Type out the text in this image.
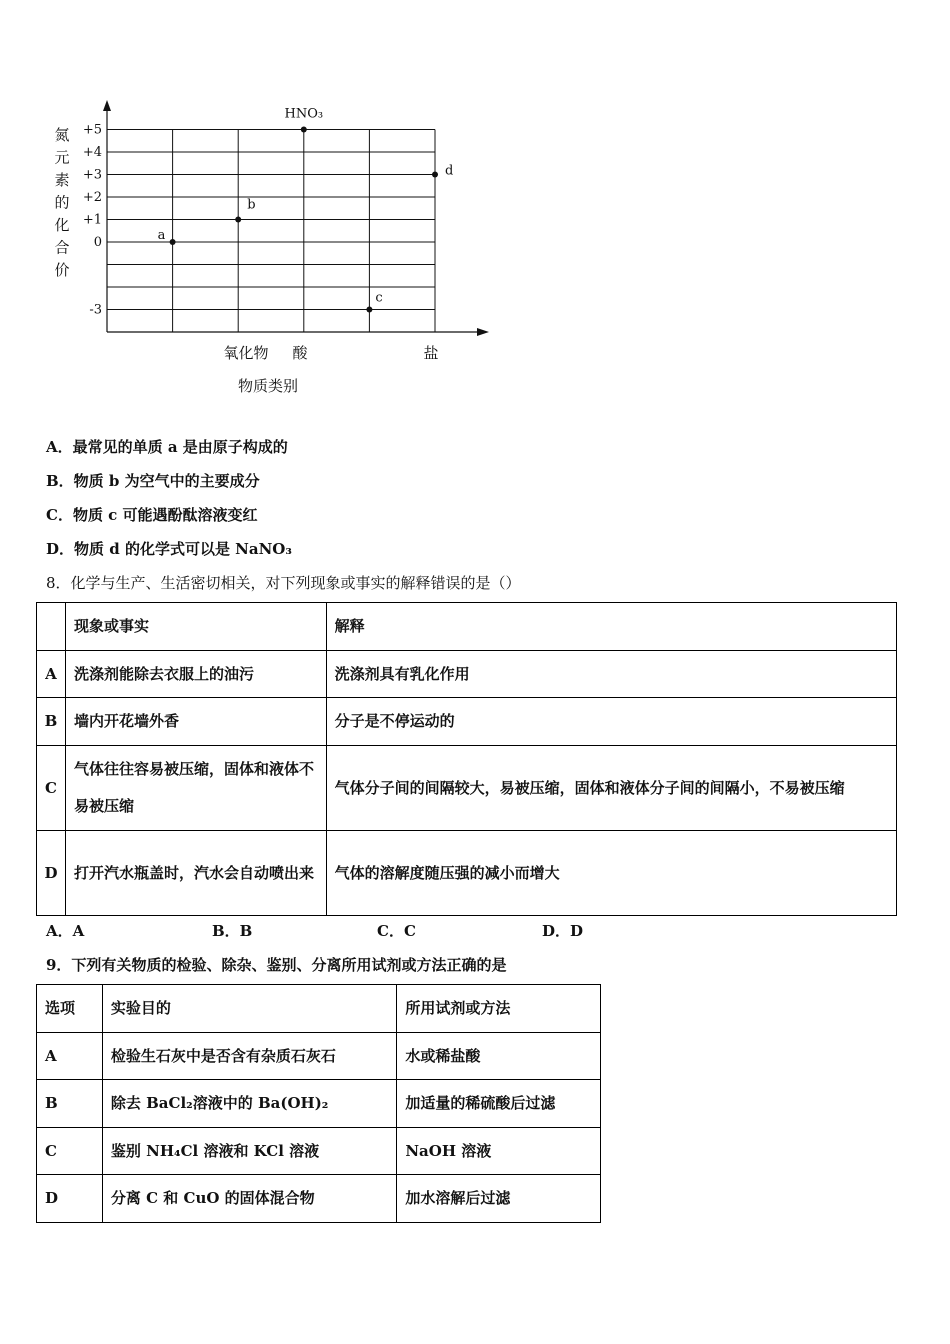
+5
+4
+3
+2
+1
0
-3
氮
元
素
的
化
合
价
氧化物 酸	盐
物质类别
a
b
HNO₃
c
d
A．最常见的单质 a 是由原子构成的
B．物质 b 为空气中的主要成分
C．物质 c 可能遇酚酞溶液变红
D．物质 d 的化学式可以是 NaNO₃
8．化学与生产、生活密切相关，对下列现象或事实的解释错误的是（）
	现象或事实	解释
A	洗涤剂能除去衣服上的油污	洗涤剂具有乳化作用
B	墙内开花墙外香	分子是不停运动的
C	气体往往容易被压缩，固体和液体不易被压缩	气体分子间的间隔较大，易被压缩，固体和液体分子间的间隔小，不易被压缩
D	打开汽水瓶盖时，汽水会自动喷出来	气体的溶解度随压强的减小而增大
A．A	B．B	C．C	D．D
9．下列有关物质的检验、除杂、鉴别、分离所用试剂或方法正确的是
选项	实验目的	所用试剂或方法
A	检验生石灰中是否含有杂质石灰石	水或稀盐酸
B	除去 BaCl₂溶液中的 Ba(OH)₂	加适量的稀硫酸后过滤
C	鉴别 NH₄Cl 溶液和 KCl 溶液	NaOH 溶液
D	分离 C 和 CuO 的固体混合物	加水溶解后过滤
